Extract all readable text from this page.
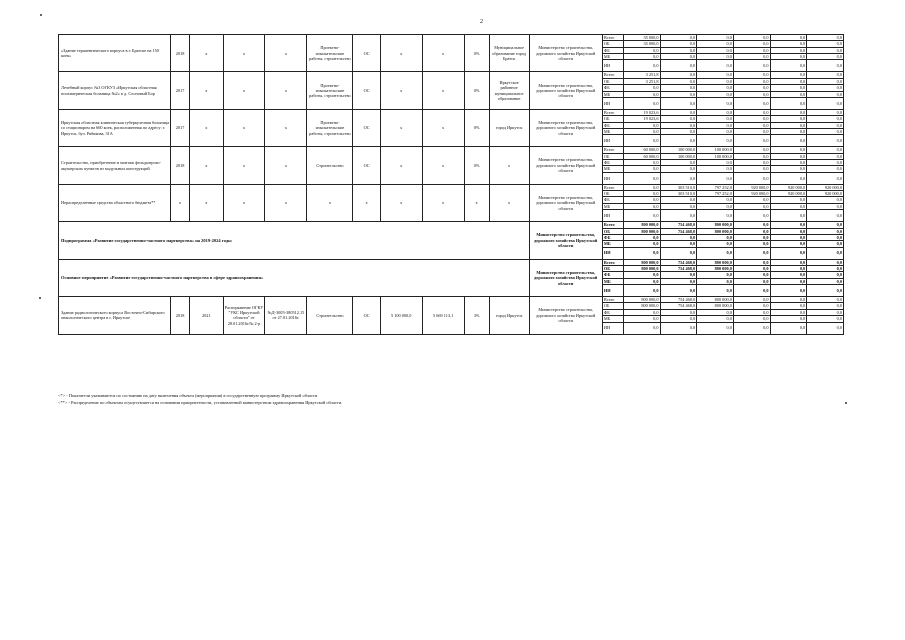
2
«Здание терапевтического корпуса в г. Братске на 150 коек»	2018	x	x	x	Проектно-изыскательские работы, строительство	ОС	x	x	0%	Муниципальное образование город Братск	Министерство строительства, дорожного хозяйства Иркутской области	Всего	35 000,0	0,0	0,0	0,0	0,0	0,0
												ОБ	35 000,0	0,0	0,0	0,0	0,0	0,0
												ФБ	0,0	0,0	0,0	0,0	0,0	0,0
												МБ	0,0	0,0	0,0	0,0	0,0	0,0
												ИИ	0,0	0,0	0,0	0,0	0,0	0,0
Лечебный корпус №3 ОГКУЗ «Иркутская областная психиатрическая больница №2» в д. Сосновый Бор	2017	x	x	x	Проектно-изыскательские работы, строительство	ОС	x	x	0%	Иркутское районное муниципальное образование	Министерство строительства, дорожного хозяйства Иркутской области	Всего	3 251,8	0,0	0,0	0,0	0,0	0,0
												ОБ	3 251,8	0,0	0,0	0,0	0,0	0,0
												ФБ	0,0	0,0	0,0	0,0	0,0	0,0
												МБ	0,0	0,0	0,0	0,0	0,0	0,0
												ИИ	0,0	0,0	0,0	0,0	0,0	0,0
Иркутская областная клиническая туберкулезная больница со стационаром на 660 коек, расположенная по адресу: г. Иркутск, бул. Рябикова, 31А	2017	x	x	x	Проектно-изыскательские работы, строительство	ОС	x	x	0%	город Иркутск	Министерство строительства, дорожного хозяйства Иркутской области	Всего	19 023,6	0,0	0,0	0,0	0,0	0,0
												ОБ	19 023,6	0,0	0,0	0,0	0,0	0,0
												ФБ	0,0	0,0	0,0	0,0	0,0	0,0
												МБ	0,0	0,0	0,0	0,0	0,0	0,0
												ИИ	0,0	0,0	0,0	0,0	0,0	0,0
Строительство, приобретение и монтаж фельдшерско-акушерских пунктов из модульных конструкций	2018	x	x	x	Строительство	ОС	x	x	0%	x	Министерство строительства, дорожного хозяйства Иркутской области	Всего	60 000,0	100 000,0	100 000,0	0,0	0,0	0,0
												ОБ	60 000,0	100 000,0	100 000,0	0,0	0,0	0,0
												ФБ	0,0	0,0	0,0	0,0	0,0	0,0
												МБ	0,0	0,0	0,0	0,0	0,0	0,0
												ИИ	0,0	0,0	0,0	0,0	0,0	0,0
Нераспределенные средства областного бюджета**	x	x	x	x	x	x	x	x	x	x	Министерство строительства, дорожного хозяйства Иркутской области	Всего	0,0	303 510,0	797 252,0	920 000,0	920 000,0	920 000,0
												ОБ	0,0	303 510,0	797 252,0	920 000,0	920 000,0	920 000,0
												ФБ	0,0	0,0	0,0	0,0	0,0	0,0
												МБ	0,0	0,0	0,0	0,0	0,0	0,0
												ИИ	0,0	0,0	0,0	0,0	0,0	0,0
Подпрограмма «Развитие государственно-частного партнерства» на 2019-2024 годы											Министерство строительства, дорожного хозяйства Иркутской области	Всего	800 000,0	754 468,0	800 000,0	0,0	0,0	0,0
												ОБ	800 000,0	754 468,0	800 000,0	0,0	0,0	0,0
												ФБ	0,0	0,0	0,0	0,0	0,0	0,0
												МБ	0,0	0,0	0,0	0,0	0,0	0,0
												ИИ	0,0	0,0	0,0	0,0	0,0	0,0
Основное мероприятие «Развитие государственно-частного партнерства в сфере здравоохранения»											Министерство строительства, дорожного хозяйства Иркутской области	Всего	800 000,0	754 468,0	800 000,0	0,0	0,0	0,0
												ОБ	800 000,0	754 468,0	800 000,0	0,0	0,0	0,0
												ФБ	0,0	0,0	0,0	0,0	0,0	0,0
												МБ	0,0	0,0	0,0	0,0	0,0	0,0
												ИИ	0,0	0,0	0,0	0,0	0,0	0,0
Здание радиологического корпуса Восточно-Сибирского онкологического центра в г. Иркутске	2018	2021	Распоряжение ОГКУ "УКС Иркутской области" от 28.01.2016г.№ 2-р	№Д-3005-380512.15 от 27.01.2016г.	Строительство	ОС	5 100 000,0	5 669 113,1	3%	город Иркутск	Министерство строительства, дорожного хозяйства Иркутской области	Всего	800 000,0	754 468,0	800 000,0	0,0	0,0	0,0
												ОБ	800 000,0	754 468,0	800 000,0	0,0	0,0	0,0
												ФБ	0,0	0,0	0,0	0,0	0,0	0,0
												МБ	0,0	0,0	0,0	0,0	0,0	0,0
												ИИ	0,0	0,0	0,0	0,0	0,0	0,0
<*> - Показатели указываются по состоянию на дату включения объекта (мероприятия) в государственную программу Иркутской области
<**> - Распределение по объектам осуществляется на основании приоритетности, установленной министерством здравоохранения Иркутской области.
